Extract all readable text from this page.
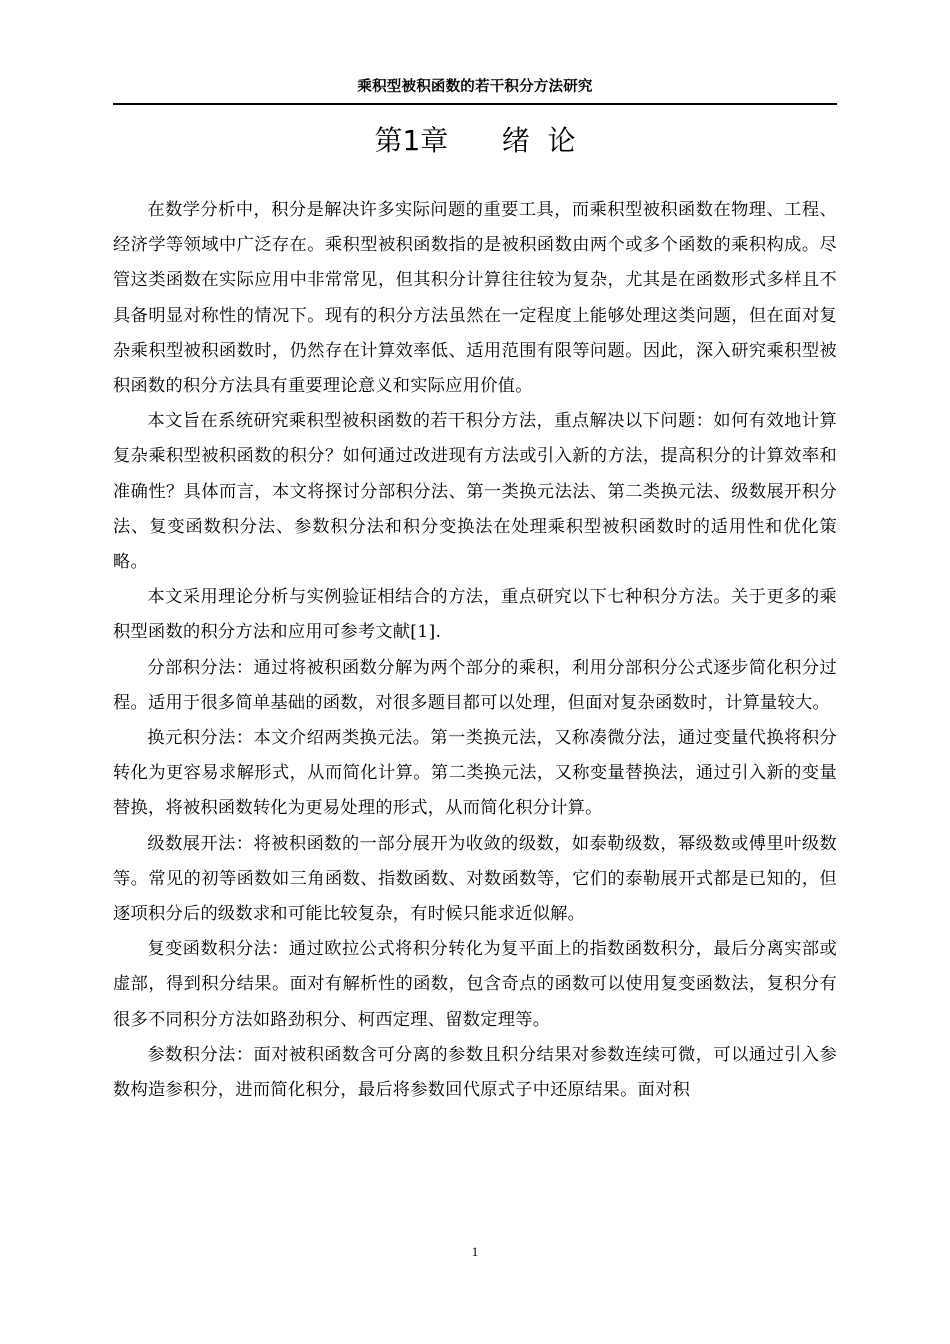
乘积型被积函数的若干积分方法研究
第1章      绪  论

在数学分析中，积分是解决许多实际问题的重要工具，而乘积型被积函数在物理、工程、经济学等领域中广泛存在。乘积型被积函数指的是被积函数由两个或多个函数的乘积构成。尽管这类函数在实际应用中非常常见，但其积分计算往往较为复杂，尤其是在函数形式多样且不具备明显对称性的情况下。现有的积分方法虽然在一定程度上能够处理这类问题，但在面对复杂乘积型被积函数时，仍然存在计算效率低、适用范围有限等问题。因此，深入研究乘积型被积函数的积分方法具有重要理论意义和实际应用价值。

本文旨在系统研究乘积型被积函数的若干积分方法，重点解决以下问题：如何有效地计算复杂乘积型被积函数的积分？如何通过改进现有方法或引入新的方法，提高积分的计算效率和准确性？具体而言，本文将探讨分部积分法、第一类换元法法、第二类换元法、级数展开积分法、复变函数积分法、参数积分法和积分变换法在处理乘积型被积函数时的适用性和优化策略。

本文采用理论分析与实例验证相结合的方法，重点研究以下七种积分方法。关于更多的乘积型函数的积分方法和应用可参考文献[1].

分部积分法：通过将被积函数分解为两个部分的乘积，利用分部积分公式逐步简化积分过程。适用于很多简单基础的函数，对很多题目都可以处理，但面对复杂函数时，计算量较大。

换元积分法：本文介绍两类换元法。第一类换元法，又称凑微分法，通过变量代换将积分转化为更容易求解形式，从而简化计算。第二类换元法，又称变量替换法，通过引入新的变量替换，将被积函数转化为更易处理的形式，从而简化积分计算。

级数展开法：将被积函数的一部分展开为收敛的级数，如泰勒级数，幂级数或傅里叶级数等。常见的初等函数如三角函数、指数函数、对数函数等，它们的泰勒展开式都是已知的，但逐项积分后的级数求和可能比较复杂，有时候只能求近似解。

复变函数积分法：通过欧拉公式将积分转化为复平面上的指数函数积分，最后分离实部或虚部，得到积分结果。面对有解析性的函数，包含奇点的函数可以使用复变函数法，复积分有很多不同积分方法如路劲积分、柯西定理、留数定理等。

参数积分法：面对被积函数含可分离的参数且积分结果对参数连续可微，可以通过引入参数构造参积分，进而简化积分，最后将参数回代原式子中还原结果。面对积

1
